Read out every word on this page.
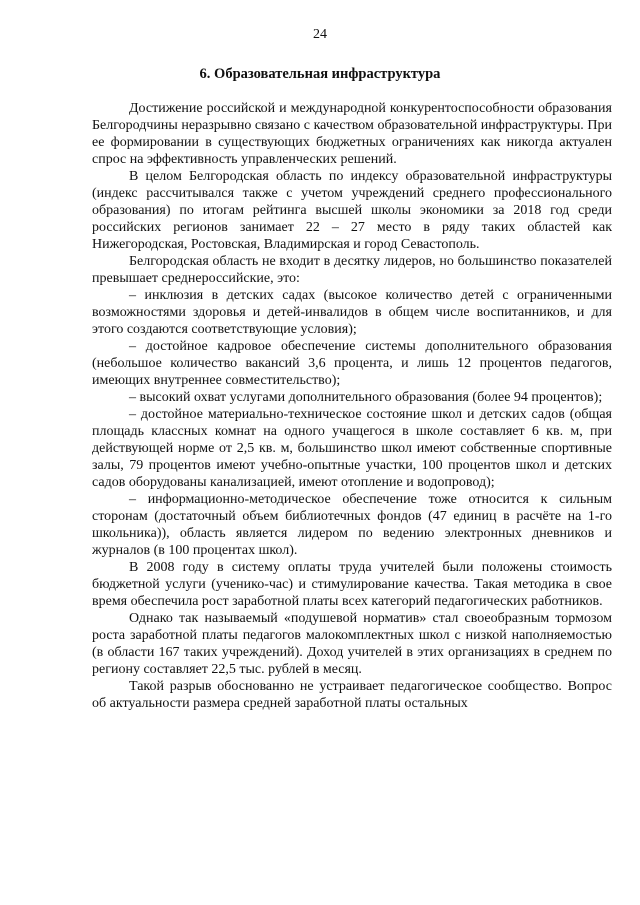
24
6. Образовательная инфраструктура

Достижение российской и международной конкурентоспособности образования Белгородчины неразрывно связано с качеством образовательной инфраструктуры. При ее формировании в существующих бюджетных ограничениях как никогда актуален спрос на эффективность управленческих решений.

В целом Белгородская область по индексу образовательной инфраструктуры (индекс рассчитывался также с учетом учреждений среднего профессионального образования) по итогам рейтинга высшей школы экономики за 2018 год среди российских регионов занимает 22 – 27 место в ряду таких областей как Нижегородская, Ростовская, Владимирская и город Севастополь.

Белгородская область не входит в десятку лидеров, но большинство показателей превышает среднероссийские, это:

– инклюзия в детских садах (высокое количество детей с ограниченными возможностями здоровья и детей-инвалидов в общем числе воспитанников, и для этого создаются соответствующие условия);

– достойное кадровое обеспечение системы дополнительного образования (небольшое количество вакансий 3,6 процента, и лишь 12 процентов педагогов, имеющих внутреннее совместительство);

– высокий охват услугами дополнительного образования (более 94 процентов);

– достойное материально-техническое состояние школ и детских садов (общая площадь классных комнат на одного учащегося в школе составляет 6 кв. м, при действующей норме от 2,5 кв. м, большинство школ имеют собственные спортивные залы, 79 процентов имеют учебно-опытные участки, 100 процентов школ и детских садов оборудованы канализацией, имеют отопление и водопровод);

– информационно-методическое обеспечение тоже относится к сильным сторонам (достаточный объем библиотечных фондов (47 единиц в расчёте на 1-го школьника)), область является лидером по ведению электронных дневников и журналов (в 100 процентах школ).

В 2008 году в систему оплаты труда учителей были положены стоимость бюджетной услуги (ученико-час) и стимулирование качества. Такая методика в свое время обеспечила рост заработной платы всех категорий педагогических работников.

Однако так называемый «подушевой норматив» стал своеобразным тормозом роста заработной платы педагогов малокомплектных школ с низкой наполняемостью (в области 167 таких учреждений). Доход учителей в этих организациях в среднем по региону составляет 22,5 тыс. рублей в месяц.

Такой разрыв обоснованно не устраивает педагогическое сообщество. Вопрос об актуальности размера средней заработной платы остальных
